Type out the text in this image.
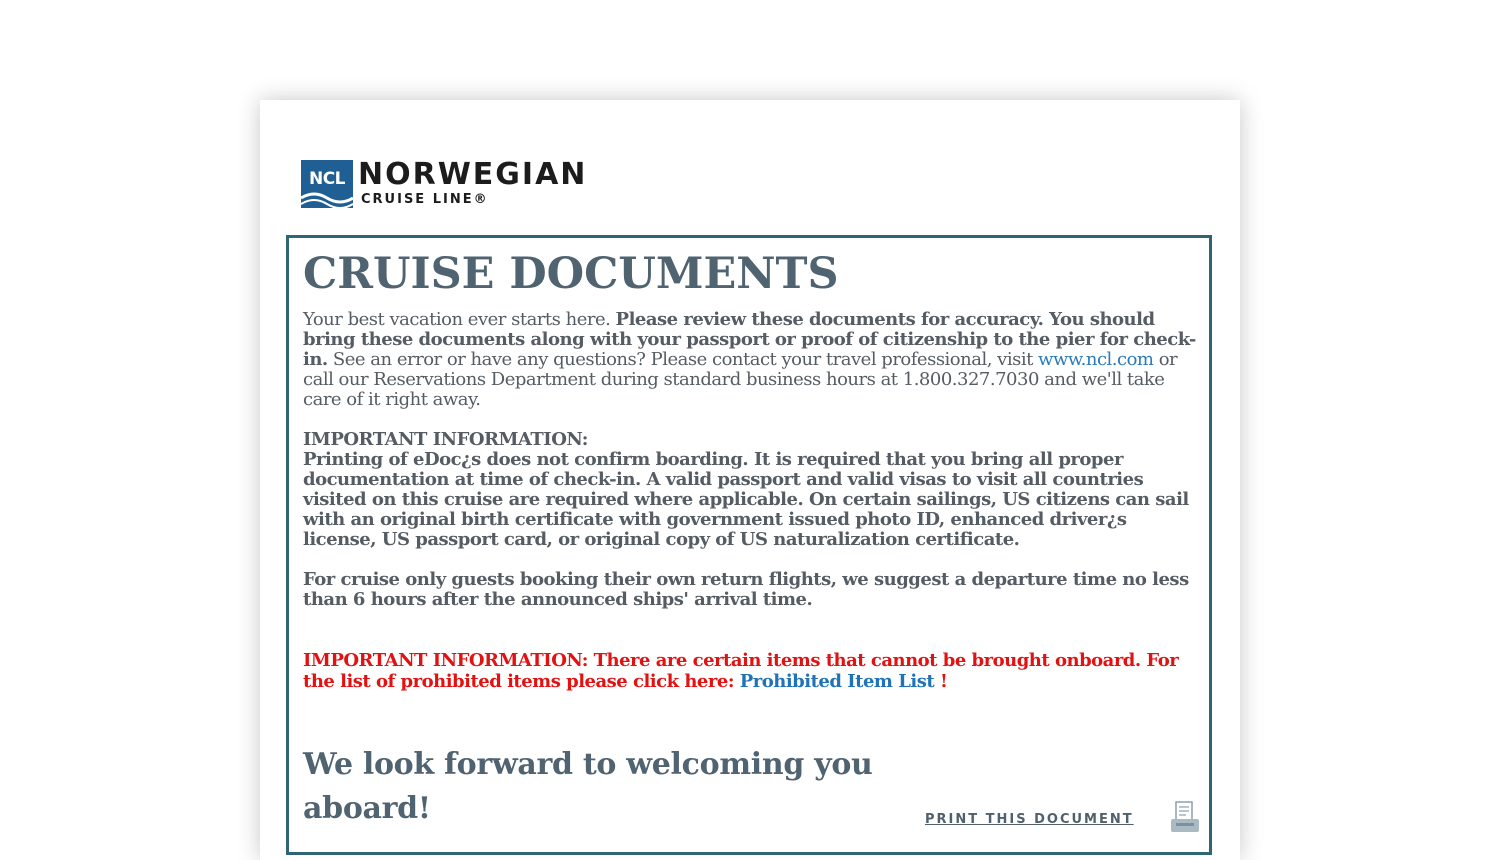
NCL NORWEGIAN
CRUISE LINE®
CRUISE DOCUMENTS

Your best vacation ever starts here. Please review these documents for accuracy. You should bring these documents along with your passport or proof of citizenship to the pier for check-in. See an error or have any questions? Please contact your travel professional, visit www.ncl.com or call our Reservations Department during standard business hours at 1.800.327.7030 and we'll take care of it right away.

IMPORTANT INFORMATION:
Printing of eDoc¿s does not confirm boarding. It is required that you bring all proper documentation at time of check-in. A valid passport and valid visas to visit all countries visited on this cruise are required where applicable. On certain sailings, US citizens can sail with an original birth certificate with government issued photo ID, enhanced driver¿s license, US passport card, or original copy of US naturalization certificate.
For cruise only guests booking their own return flights, we suggest a departure time no less than 6 hours after the announced ships' arrival time.
IMPORTANT INFORMATION: There are certain items that cannot be brought onboard. For the list of prohibited items please click here: Prohibited Item List !
We look forward to welcoming you aboard!	PRINT THIS DOCUMENT
